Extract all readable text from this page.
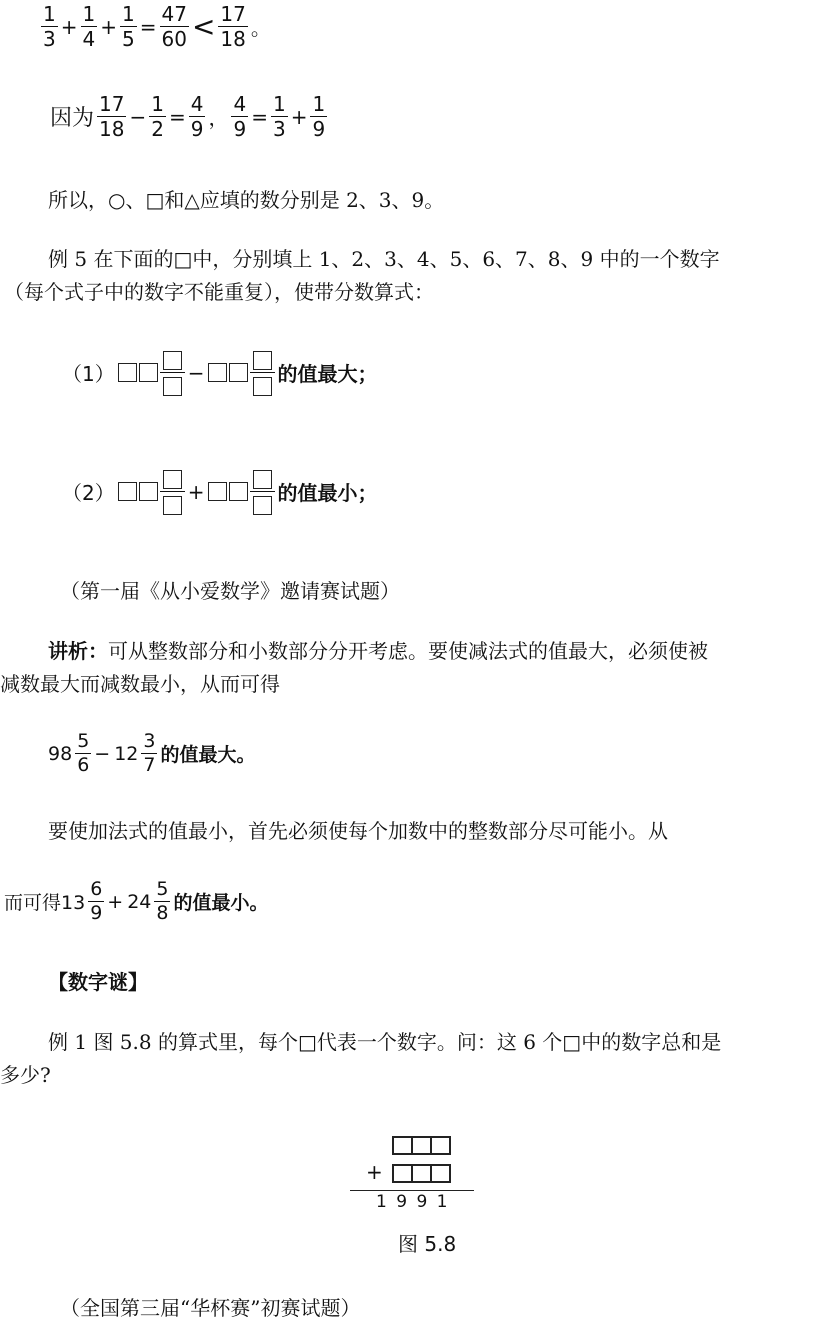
$\frac{1}{3} + \frac{1}{4} + \frac{1}{5} = \frac{47}{60} < \frac{17}{18}$ 。
因为 $\frac{17}{18} - \frac{1}{2} = \frac{4}{9}$ ， $\frac{4}{9} = \frac{1}{3} + \frac{1}{9}$
所以，○、□和△应填的数分别是 2、3、9。
例 5 在下面的□中，分别填上 1、2、3、4、5、6、7、8、9 中的一个数字
（每个式子中的数字不能重复），使带分数算式：
（1）	−	的值最大；
（2）	+	的值最小；
（第一届《从小爱数学》邀请赛试题）
讲析：可从整数部分和小数部分分开考虑。要使减法式的值最大，必须使被
减数最大而减数最小，从而可得
$98 \frac{5}{6} - 12 \frac{3}{7}$ 的值最大。
要使加法式的值最小，首先必须使每个加数中的整数部分尽可能小。从
而可得$13 \frac{6}{9} + 24 \frac{5}{8}$ 的值最小。
【数字谜】
例 1 图 5.8 的算式里，每个□代表一个数字。问：这 6 个□中的数字总和是
多少?
+
1 9 9 1
图 5.8
（全国第三届“华杯赛”初赛试题）
